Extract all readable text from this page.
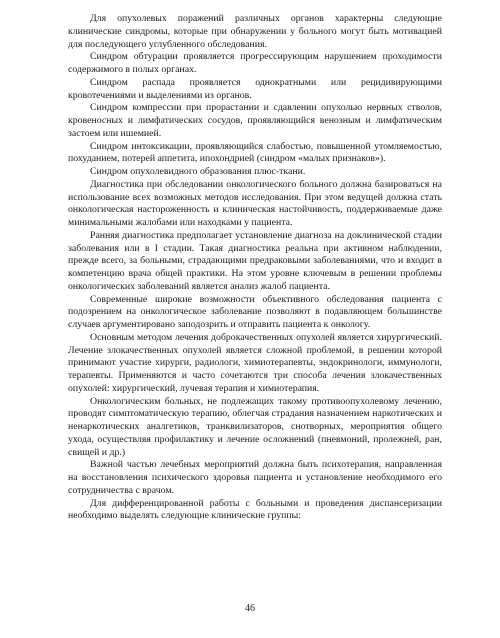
Для опухолевых поражений различных органов характерны следующие клинические синдромы, которые при обнаружении у больного могут быть мотивацией для последующего углубленного обследования.

Синдром обтурации проявляется прогрессирующим нарушением проходимости содержимого в полых органах.

Синдром распада проявляется однократными или рецидивирующими кровотечениями и выделениями из органов.

Синдром компрессии при прорастании и сдавлении опухолью нервных стволов, кровеносных и лимфатических сосудов, проявляющийся венозным и лимфатическим застоем или ишемией.

Синдром интоксикации, проявляющийся слабостью, повышенной утомляемостью, похуданием, потерей аппетита, ипохондрией (синдром «малых признаков»).

Синдром опухолевидного образования плюс-ткани.

Диагностика при обследовании онкологического больного должна базироваться на использование всех возможных методов исследования. При этом ведущей должна стать онкологическая настороженность и клиническая настойчивость, поддерживаемые даже минимальными жалобами или находками у пациента.

Ранняя диагностика предполагает установление диагноза на доклинической стадии заболевания или в I стадии. Такая диагностика реальна при активном наблюдении, прежде всего, за больными, страдающими предраковыми заболеваниями, что и входит в компетенцию врача общей практики. На этом уровне ключевым в решении проблемы онкологических заболеваний является анализ жалоб пациента.

Современные широкие возможности объективного обследования пациента с подозрением на онкологическое заболевание позволяют в подавляющем большинстве случаев аргументировано заподозрить и отправить пациента к онкологу.

Основным методом лечения доброкачественных опухолей является хирургический. Лечение злокачественных опухолей является сложной проблемой, в решении которой принимают участие хирурги, радиологи, химиотерапевты, эндокринологи, иммунологи, терапевты. Применяются и часто сочетаются три способа лечения злокачественных опухолей: хирургический, лучевая терапия и химиотерапия.

Онкологическим больных, не подлежащих такому противоопухолевому лечению, проводят симптоматическую терапию, облегчая страдания назначением наркотических и ненаркотических аналгетиков, транквилизаторов, снотворных, мероприятия общего ухода, осуществляя профилактику и лечение осложнений (пневмоний, пролежней, ран, свищей и др.)

Важной частью лечебных мероприятий должна быть психотерапия, направленная на восстановления психического здоровья пациента и установление необходимого его сотрудничества с врачом.

Для дифференцированной работы с больными и проведения диспансеризации необходимо выделять следующие клинические группы:

46
